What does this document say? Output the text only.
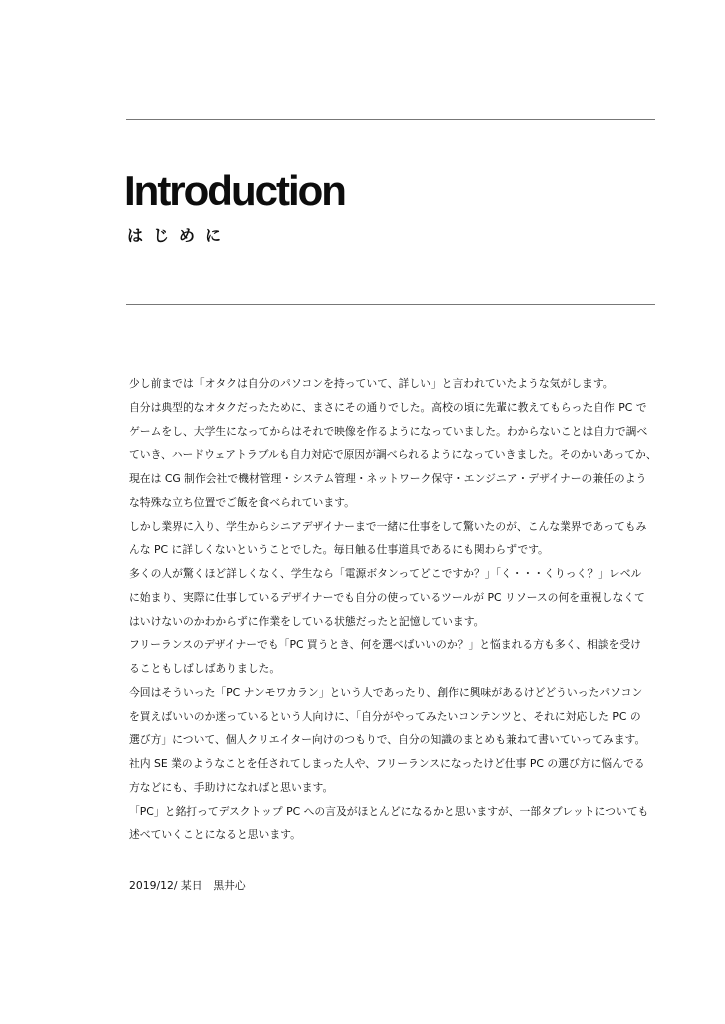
Introduction
はじめに
少し前までは「オタクは自分のパソコンを持っていて、詳しい」と言われていたような気がします。
自分は典型的なオタクだったために、まさにその通りでした。高校の頃に先輩に教えてもらった自作 PC で
ゲームをし、大学生になってからはそれで映像を作るようになっていました。わからないことは自力で調べ
ていき、ハードウェアトラブルも自力対応で原因が調べられるようになっていきました。そのかいあってか、
現在は CG 制作会社で機材管理・システム管理・ネットワーク保守・エンジニア・デザイナーの兼任のよう
な特殊な立ち位置でご飯を食べられています。
しかし業界に入り、学生からシニアデザイナーまで一緒に仕事をして驚いたのが、こんな業界であってもみ
んな PC に詳しくないということでした。毎日触る仕事道具であるにも関わらずです。
多くの人が驚くほど詳しくなく、学生なら「電源ボタンってどこですか？」「く・・・くりっく？」レベル
に始まり、実際に仕事しているデザイナーでも自分の使っているツールが PC リソースの何を重視しなくて
はいけないのかわからずに作業をしている状態だったと記憶しています。
フリーランスのデザイナーでも「PC 買うとき、何を選べばいいのか？」と悩まれる方も多く、相談を受け
ることもしばしばありました。
今回はそういった「PC ナンモワカラン」という人であったり、創作に興味があるけどどういったパソコン
を買えばいいのか迷っているという人向けに、「自分がやってみたいコンテンツと、それに対応した PC の
選び方」について、個人クリエイター向けのつもりで、自分の知識のまとめも兼ねて書いていってみます。
社内 SE 業のようなことを任されてしまった人や、フリーランスになったけど仕事 PC の選び方に悩んでる
方などにも、手助けになればと思います。
「PC」と銘打ってデスクトップ PC への言及がほとんどになるかと思いますが、一部タブレットについても
述べていくことになると思います。
2019/12/ 某日　黒井心
